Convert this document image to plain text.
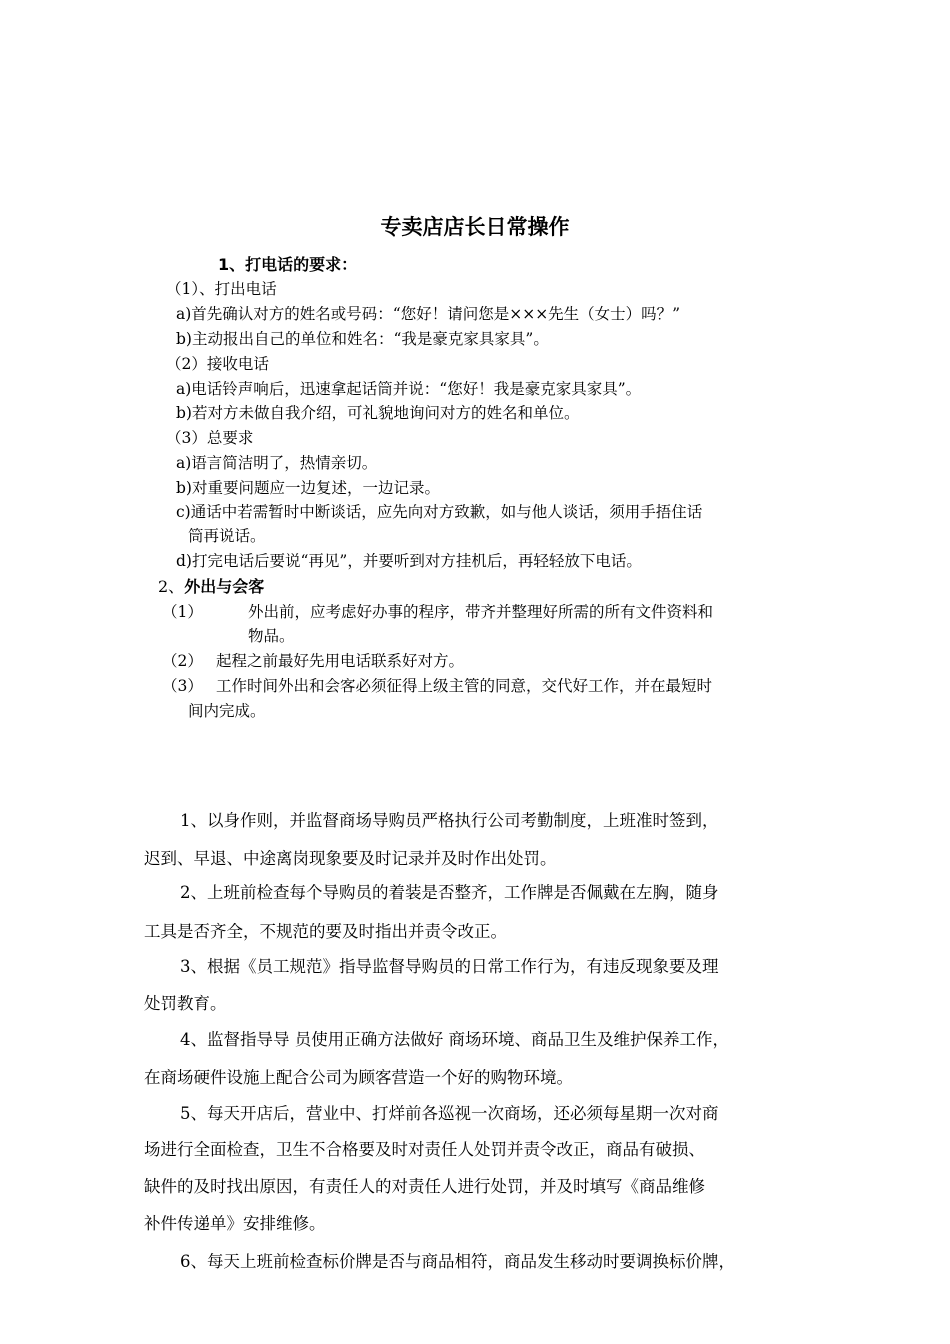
专卖店店长日常操作
1、打电话的要求：
（1）、打出电话
a)首先确认对方的姓名或号码：“您好！请问您是×××先生（女士）吗？”
b)主动报出自己的单位和姓名：“我是豪克家具家具”。
（2）接收电话
a)电话铃声响后，迅速拿起话筒并说：“您好！我是豪克家具家具”。
b)若对方未做自我介绍，可礼貌地询问对方的姓名和单位。
（3）总要求
a)语言简洁明了，热情亲切。
b)对重要问题应一边复述，一边记录。
c)通话中若需暂时中断谈话，应先向对方致歉，如与他人谈话，须用手捂住话
筒再说话。
d)打完电话后要说“再见”，并要听到对方挂机后，再轻轻放下电话。
2、外出与会客
（1）	外出前，应考虑好办事的程序，带齐并整理好所需的所有文件资料和
物品。
（2） 起程之前最好先用电话联系好对方。
（3） 工作时间外出和会客必须征得上级主管的同意，交代好工作，并在最短时
间内完成。
1、以身作则，并监督商场导购员严格执行公司考勤制度，上班准时签到，
迟到、早退、中途离岗现象要及时记录并及时作出处罚。
2、上班前检查每个导购员的着装是否整齐，工作牌是否佩戴在左胸，随身
工具是否齐全，不规范的要及时指出并责令改正。
3、根据《员工规范》指导监督导购员的日常工作行为，有违反现象要及理
处罚教育。
4、监督指导导 员使用正确方法做好 商场环境、商品卫生及维护保养工作，
在商场硬件设施上配合公司为顾客营造一个好的购物环境。
5、每天开店后，营业中、打烊前各巡视一次商场，还必须每星期一次对商
场进行全面检查，卫生不合格要及时对责任人处罚并责令改正，商品有破损、
缺件的及时找出原因，有责任人的对责任人进行处罚，并及时填写《商品维修
补件传递单》安排维修。
6、每天上班前检查标价牌是否与商品相符，商品发生移动时要调换标价牌，
